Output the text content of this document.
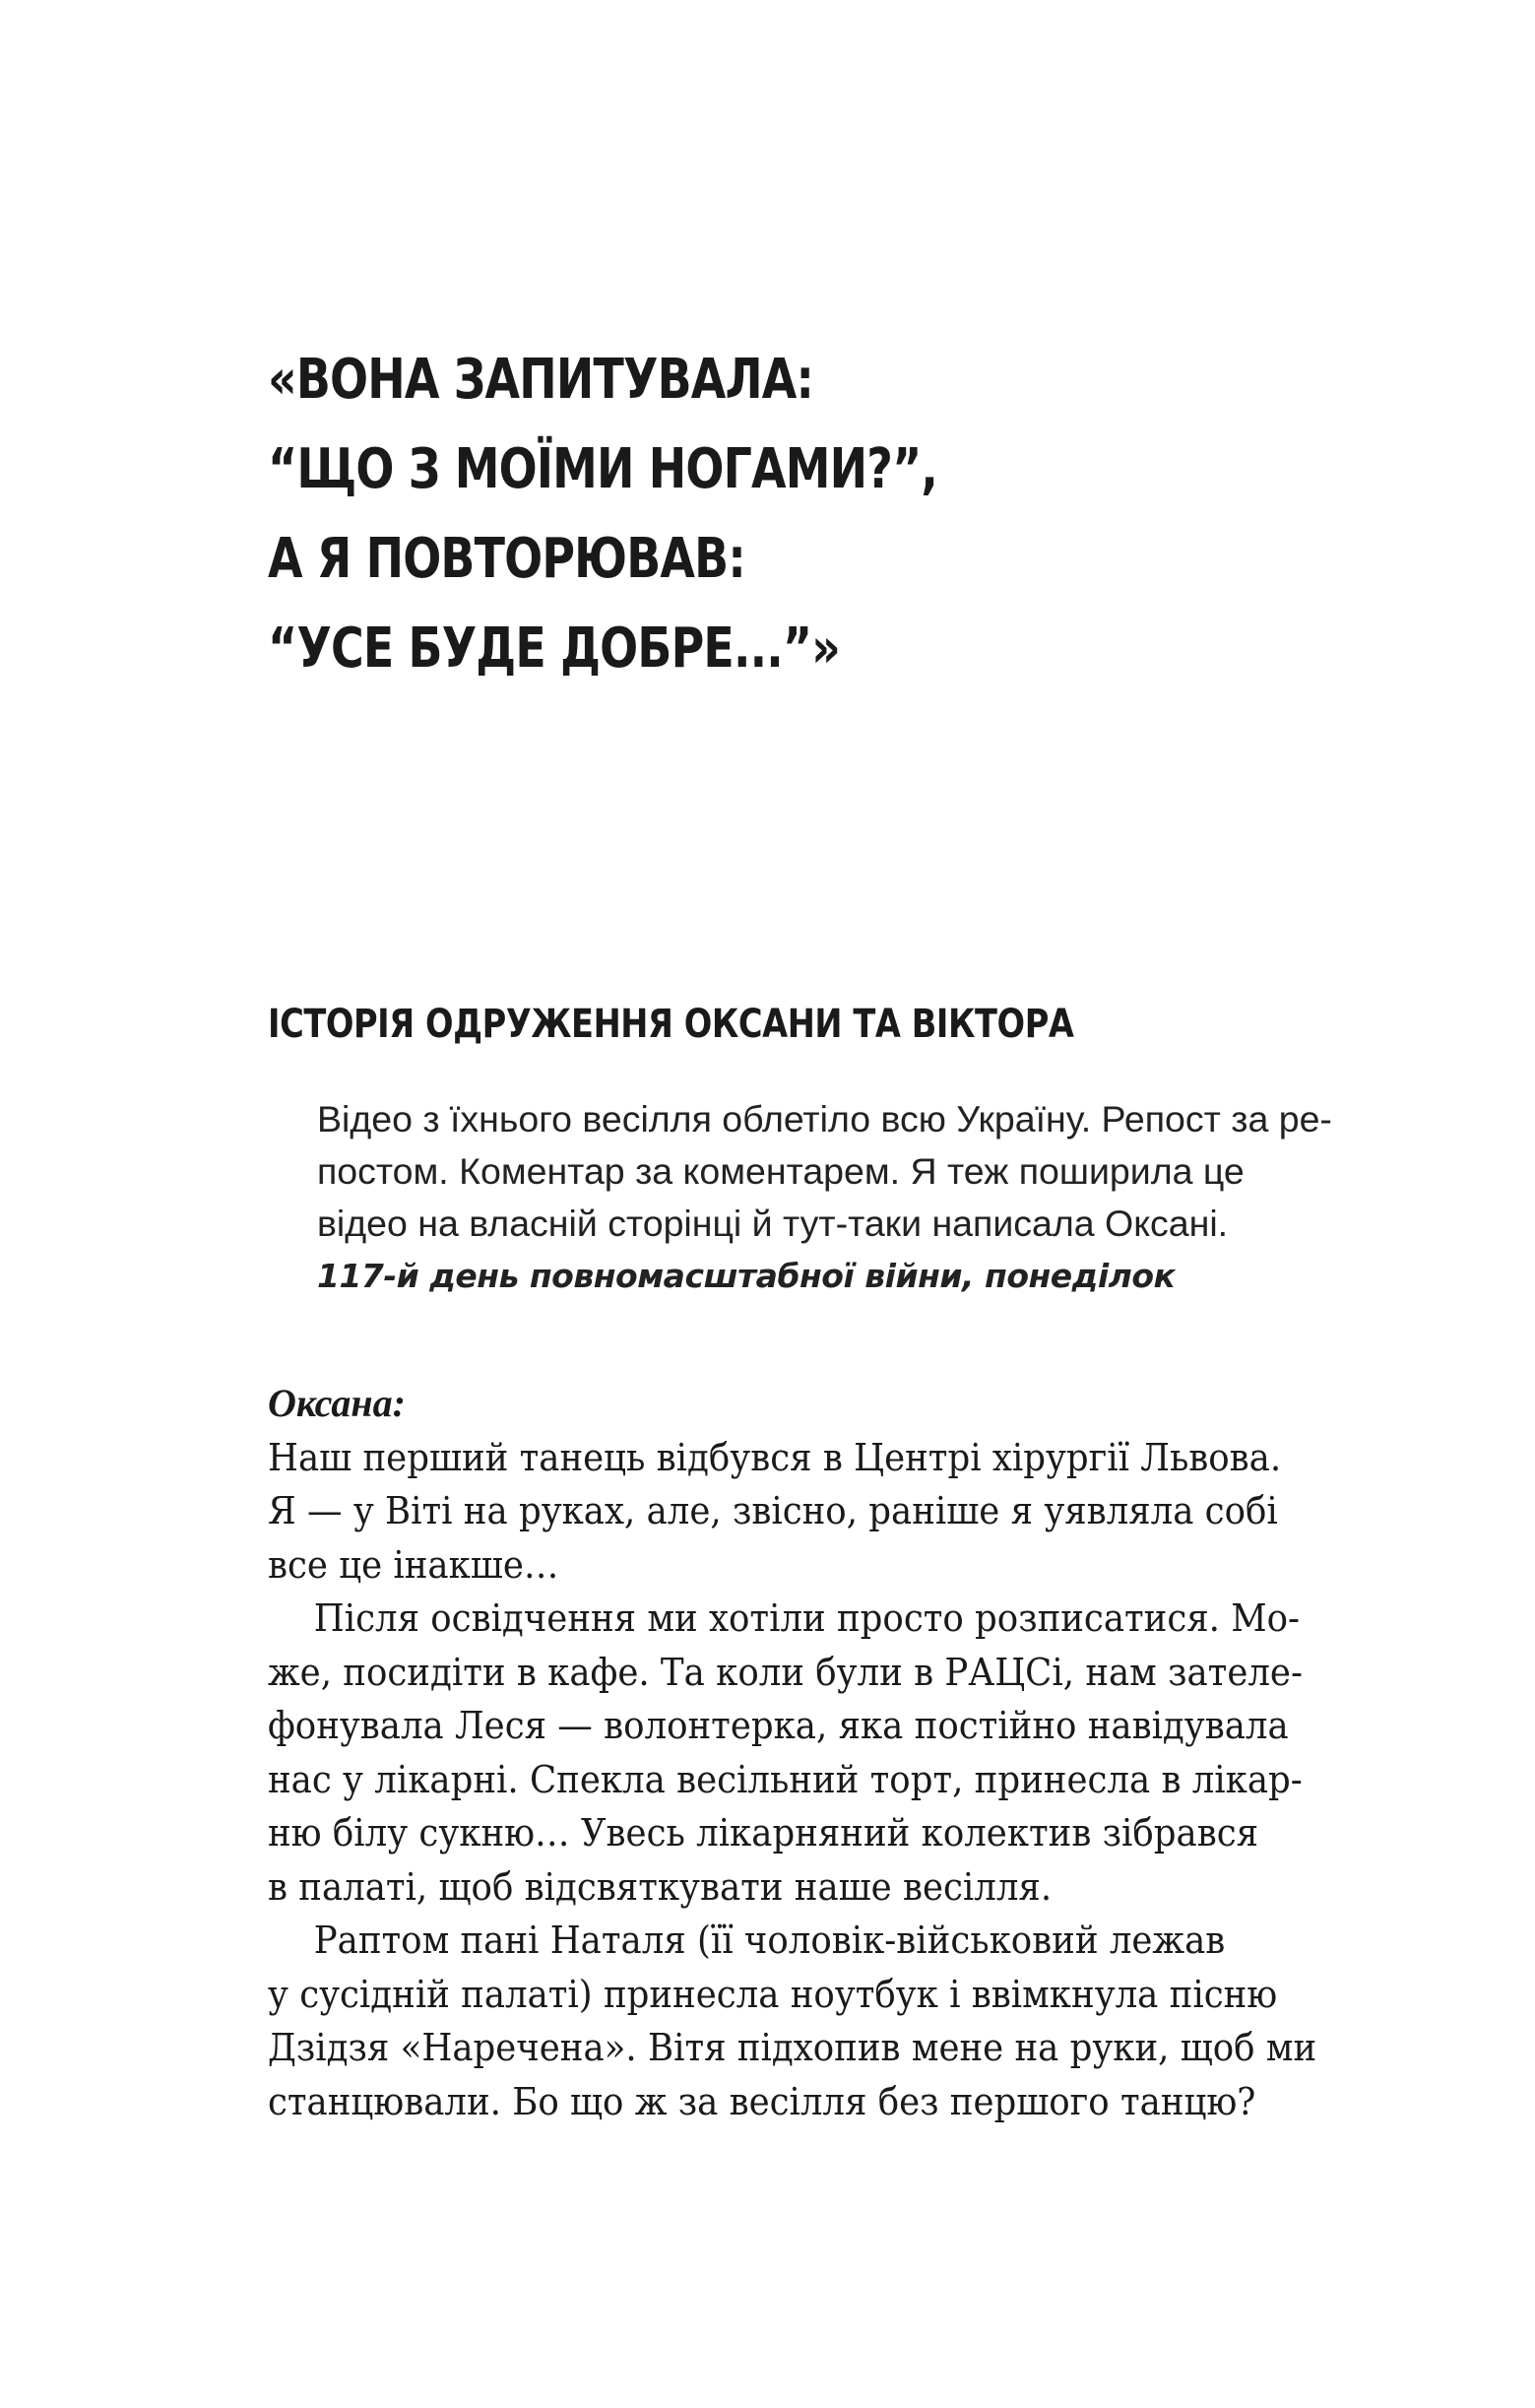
«ВОНА ЗАПИТУВАЛА:
“ЩО З МОЇМИ НОГАМИ?”,
А Я ПОВТОРЮВАВ:
“УСЕ БУДЕ ДОБРЕ...”»
ІСТОРІЯ ОДРУЖЕННЯ ОКСАНИ ТА ВІКТОРА
Відео з їхнього весілля облетіло всю Україну. Репост за ре-
постом. Коментар за коментарем. Я теж поширила це
відео на власній сторінці й тут-таки написала Оксані.
117-й день повномасштабної війни, понеділок
Оксана:
Наш перший танець відбувся в Центрі хірургії Львова.
Я — у Віті на руках, але, звісно, раніше я уявляла собі
все це інакше…
Після освідчення ми хотіли просто розписатися. Мо-
же, посидіти в кафе. Та коли були в РАЦСі, нам зателе-
фонувала Леся — волонтерка, яка постійно навідувала
нас у лікарні. Спекла весільний торт, принесла в лікар-
ню білу сукню… Увесь лікарняний колектив зібрався
в палаті, щоб відсвяткувати наше весілля.
Раптом пані Наталя (її чоловік-військовий лежав
у сусідній палаті) принесла ноутбук і ввімкнула пісню
Дзідзя «Наречена». Вітя підхопив мене на руки, щоб ми
станцювали. Бо що ж за весілля без першого танцю?
